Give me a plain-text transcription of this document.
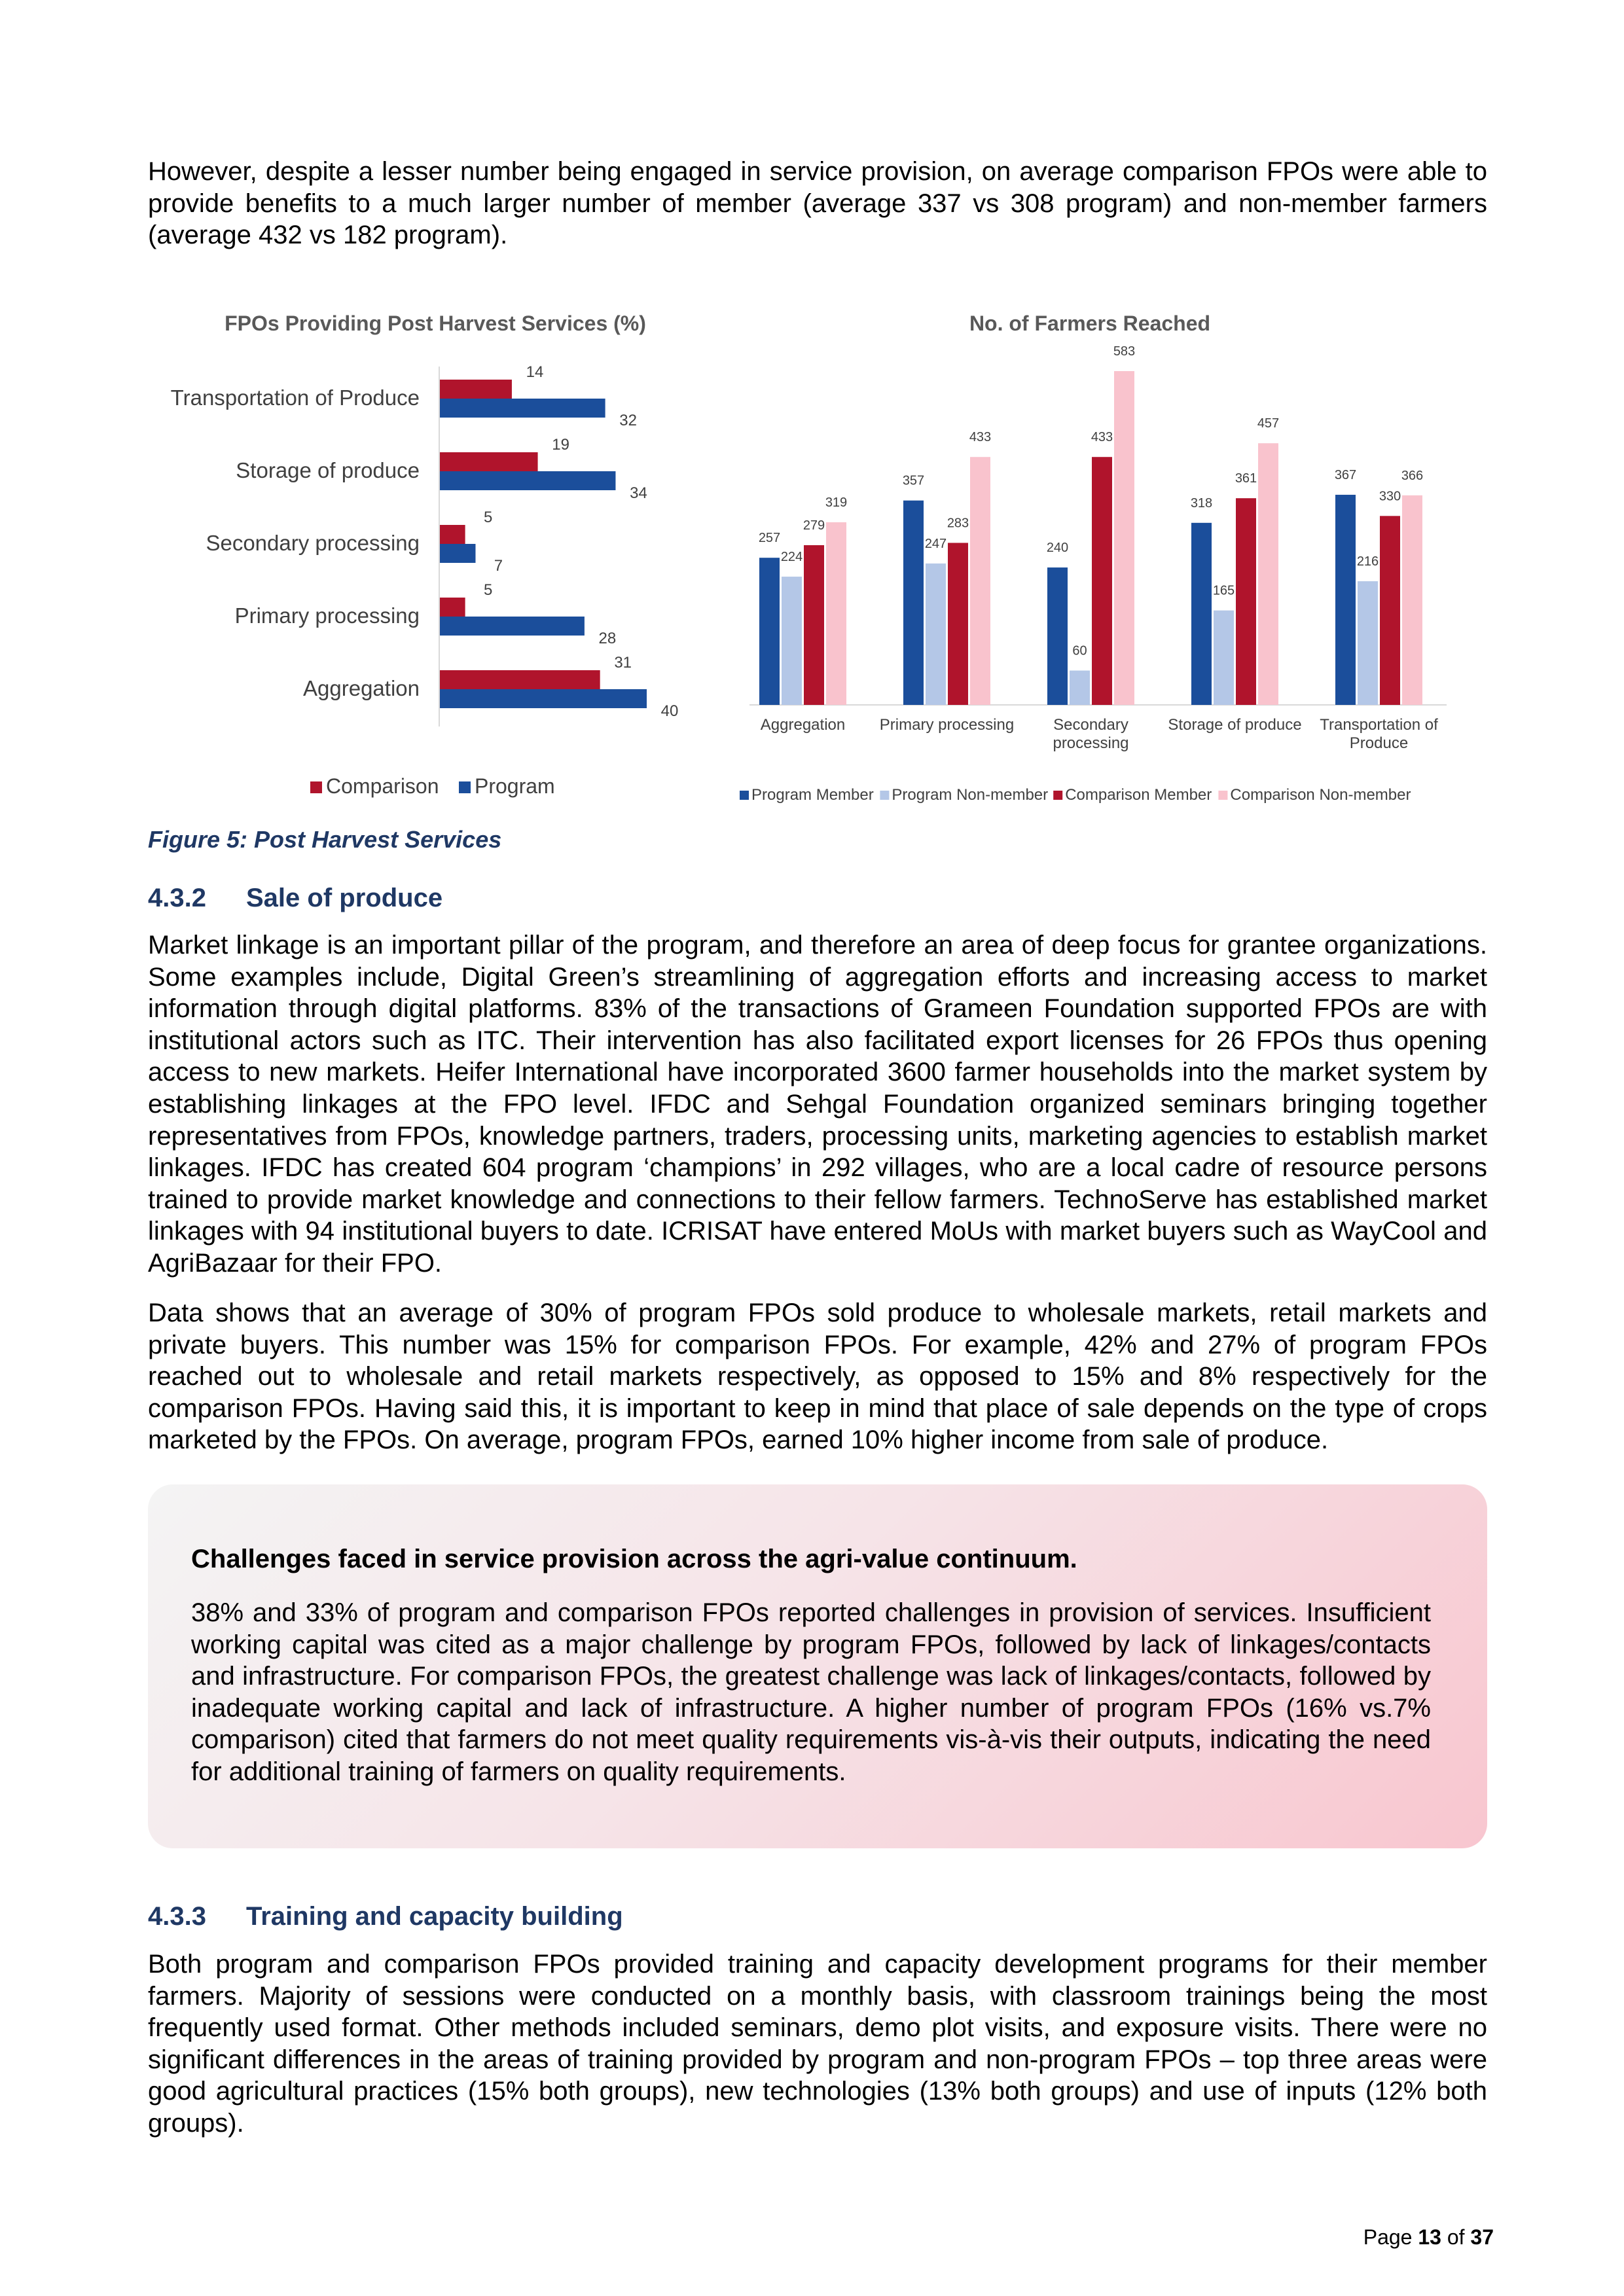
However, despite a lesser number being engaged in service provision, on average comparison FPOs were able to provide benefits to a much larger number of member (average 337 vs 308 program) and non-member farmers (average 432 vs 182 program).

FPOs Providing Post Harvest Services (%)
Transportation of Produce
14
32
Storage of produce
19
34
Secondary processing
5
7
Primary processing
5
28
Aggregation
31
40
Comparison Program
No. of Farmers Reached
257
224
279
319
Aggregation
357
247
283
433
Primary processing
240
60
433
583
Secondary
processing
318
165
361
457
Storage of produce
367
216
330
366
Transportation of
Produce
Program Member Program Non-member Comparison Member Comparison Non-member

Figure 5: Post Harvest Services

4.3.2 Sale of produce

Market linkage is an important pillar of the program, and therefore an area of deep focus for grantee organizations. Some examples include, Digital Green’s streamlining of aggregation efforts and increasing access to market information through digital platforms. 83% of the transactions of Grameen Foundation supported FPOs are with institutional actors such as ITC. Their intervention has also facilitated export licenses for 26 FPOs thus opening access to new markets. Heifer International have incorporated 3600 farmer households into the market system by establishing linkages at the FPO level. IFDC and Sehgal Foundation organized seminars bringing together representatives from FPOs, knowledge partners, traders, processing units, marketing agencies to establish market linkages. IFDC has created 604 program ‘champions’ in 292 villages, who are a local cadre of resource persons trained to provide market knowledge and connections to their fellow farmers. TechnoServe has established market linkages with 94 institutional buyers to date. ICRISAT have entered MoUs with market buyers such as WayCool and AgriBazaar for their FPO.

Data shows that an average of 30% of program FPOs sold produce to wholesale markets, retail markets and private buyers. This number was 15% for comparison FPOs. For example, 42% and 27% of program FPOs reached out to wholesale and retail markets respectively, as opposed to 15% and 8% respectively for the comparison FPOs. Having said this, it is important to keep in mind that place of sale depends on the type of crops marketed by the FPOs. On average, program FPOs, earned 10% higher income from sale of produce.

Challenges faced in service provision across the agri-value continuum.

38% and 33% of program and comparison FPOs reported challenges in provision of services. Insufficient working capital was cited as a major challenge by program FPOs, followed by lack of linkages/contacts and infrastructure. For comparison FPOs, the greatest challenge was lack of linkages/contacts, followed by inadequate working capital and lack of infrastructure. A higher number of program FPOs (16% vs.7% comparison) cited that farmers do not meet quality requirements vis-à-vis their outputs, indicating the need for additional training of farmers on quality requirements.

4.3.3 Training and capacity building

Both program and comparison FPOs provided training and capacity development programs for their member farmers. Majority of sessions were conducted on a monthly basis, with classroom trainings being the most frequently used format. Other methods included seminars, demo plot visits, and exposure visits. There were no significant differences in the areas of training provided by program and non-program FPOs – top three areas were good agricultural practices (15% both groups), new technologies (13% both groups) and use of inputs (12% both groups).

Page 13 of 37
